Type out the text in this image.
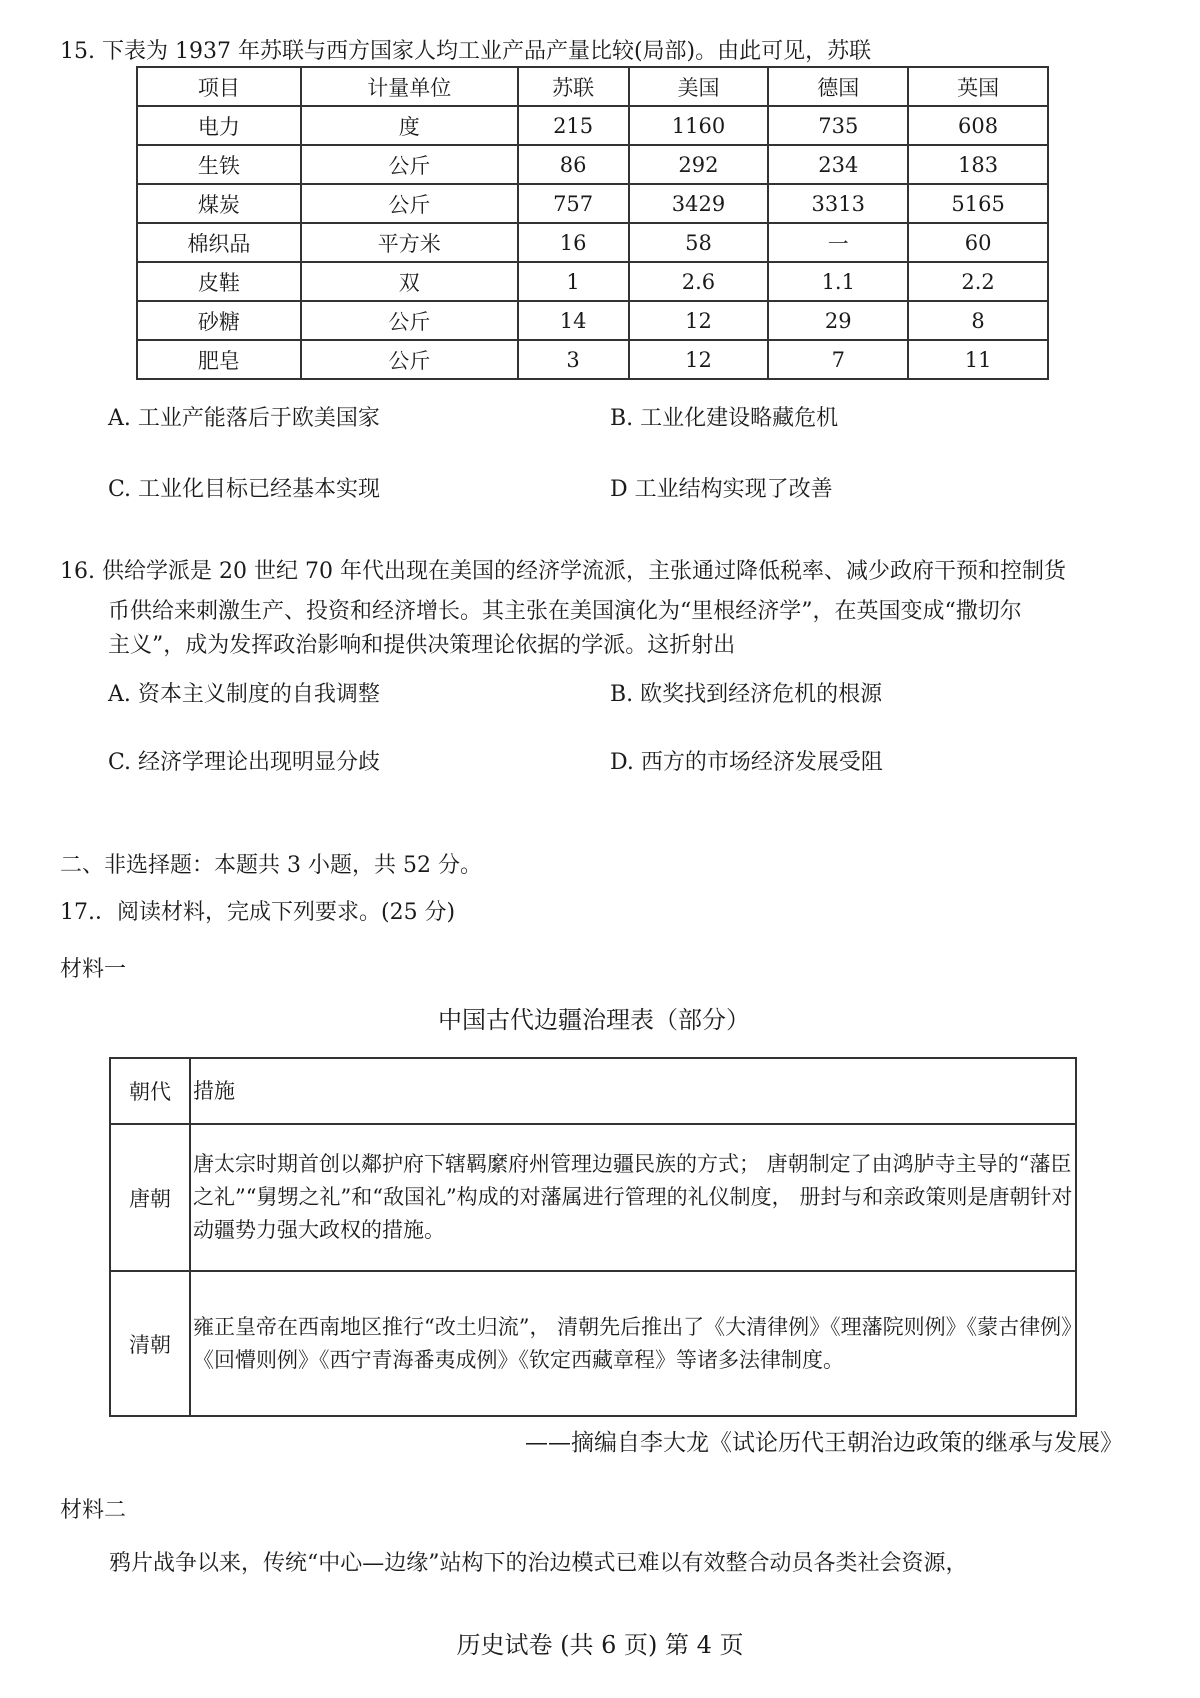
15. 下表为 1937 年苏联与西方国家人均工业产品产量比较(局部)。由此可见，苏联
项目	计量单位	苏联	美国	德国	英国
电力	度	215	1160	735	608
生铁	公斤	86	292	234	183
煤炭	公斤	757	3429	3313	5165
棉织品	平方米	16	58	一	60
皮鞋	双	1	2.6	1.1	2.2
砂糖	公斤	14	12	29	8
肥皂	公斤	3	12	7	11
A. 工业产能落后于欧美国家	B. 工业化建设略藏危机
C. 工业化目标已经基本实现	D 工业结构实现了改善
16. 供给学派是 20 世纪 70 年代出现在美国的经济学流派，主张通过降低税率、减少政府干预和控制货
币供给来刺激生产、投资和经济增长。其主张在美国演化为“里根经济学”，在英国变成“撒切尔
主义”，成为发挥政治影响和提供决策理论依据的学派。这折射出
A. 资本主义制度的自我调整	B. 欧奖找到经济危机的根源
C. 经济学理论出现明显分歧	D. 西方的市场经济发展受阻
二、非选择题：本题共 3 小题，共 52 分。
17.．阅读材料，完成下列要求。(25 分)
材料一
中国古代边疆治理表（部分）
朝代	措施
唐朝	唐太宗时期首创以鄰护府下辖羁縻府州管理边疆民族的方式； 唐朝制定了由鸿胪寺主导的“藩臣之礼”“舅甥之礼”和“敌国礼”构成的对藩属进行管理的礼仪制度， 册封与和亲政策则是唐朝针对动疆势力强大政权的措施。
清朝	雍正皇帝在西南地区推行“改土归流”， 清朝先后推出了《大清律例》《理藩院则例》《蒙古律例》《回懵则例》《西宁青海番夷成例》《钦定西藏章程》等诸多法律制度。
——摘编自李大龙《试论历代王朝治边政策的继承与发展》
材料二
鸦片战争以来，传统“中心—边缘”站构下的治边模式已难以有效整合动员各类社会资源，
历史试卷 (共 6 页) 第 4 页
